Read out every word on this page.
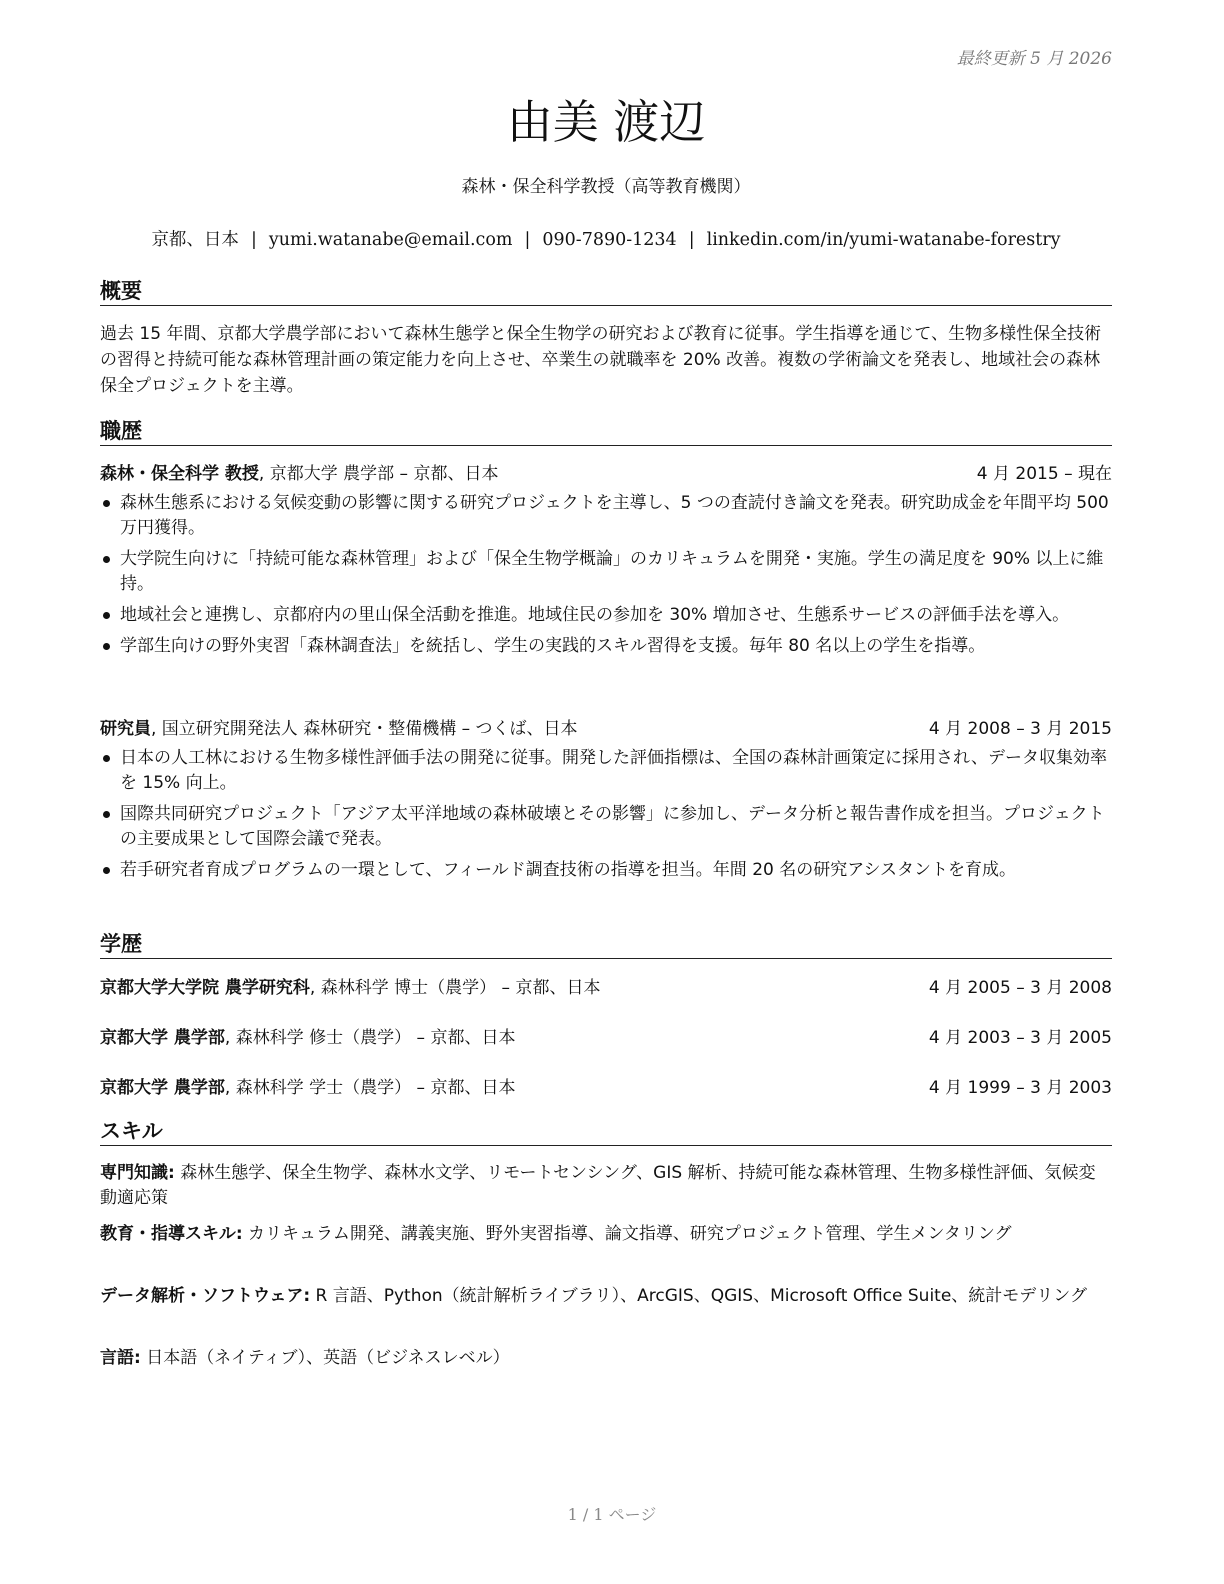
最終更新 5 月 2026
由美 渡辺
森林・保全科学教授（高等教育機関）
京都、日本 | yumi.watanabe@email.com | 090-7890-1234 | linkedin.com/in/yumi-watanabe-forestry
概要
過去 15 年間、京都大学農学部において森林生態学と保全生物学の研究および教育に従事。学生指導を通じて、生物多様性保全技術の習得と持続可能な森林管理計画の策定能力を向上させ、卒業生の就職率を 20% 改善。複数の学術論文を発表し、地域社会の森林保全プロジェクトを主導。
職歴
森林・保全科学 教授, 京都大学 農学部 – 京都、日本	4 月 2015 – 現在
森林生態系における気候変動の影響に関する研究プロジェクトを主導し、5 つの査読付き論文を発表。研究助成金を年間平均 500 万円獲得。
大学院生向けに「持続可能な森林管理」および「保全生物学概論」のカリキュラムを開発・実施。学生の満足度を 90% 以上に維持。
地域社会と連携し、京都府内の里山保全活動を推進。地域住民の参加を 30% 増加させ、生態系サービスの評価手法を導入。
学部生向けの野外実習「森林調査法」を統括し、学生の実践的スキル習得を支援。毎年 80 名以上の学生を指導。
研究員, 国立研究開発法人 森林研究・整備機構 – つくば、日本	4 月 2008 – 3 月 2015
日本の人工林における生物多様性評価手法の開発に従事。開発した評価指標は、全国の森林計画策定に採用され、データ収集効率を 15% 向上。
国際共同研究プロジェクト「アジア太平洋地域の森林破壊とその影響」に参加し、データ分析と報告書作成を担当。プロジェクトの主要成果として国際会議で発表。
若手研究者育成プログラムの一環として、フィールド調査技術の指導を担当。年間 20 名の研究アシスタントを育成。
学歴
京都大学大学院 農学研究科, 森林科学 博士（農学） – 京都、日本	4 月 2005 – 3 月 2008
京都大学 農学部, 森林科学 修士（農学） – 京都、日本	4 月 2003 – 3 月 2005
京都大学 農学部, 森林科学 学士（農学） – 京都、日本	4 月 1999 – 3 月 2003
スキル
専門知識: 森林生態学、保全生物学、森林水文学、リモートセンシング、GIS 解析、持続可能な森林管理、生物多様性評価、気候変動適応策
教育・指導スキル: カリキュラム開発、講義実施、野外実習指導、論文指導、研究プロジェクト管理、学生メンタリング
データ解析・ソフトウェア: R 言語、Python（統計解析ライブラリ）、ArcGIS、QGIS、Microsoft Office Suite、統計モデリング
言語: 日本語（ネイティブ）、英語（ビジネスレベル）
1 / 1 ページ
